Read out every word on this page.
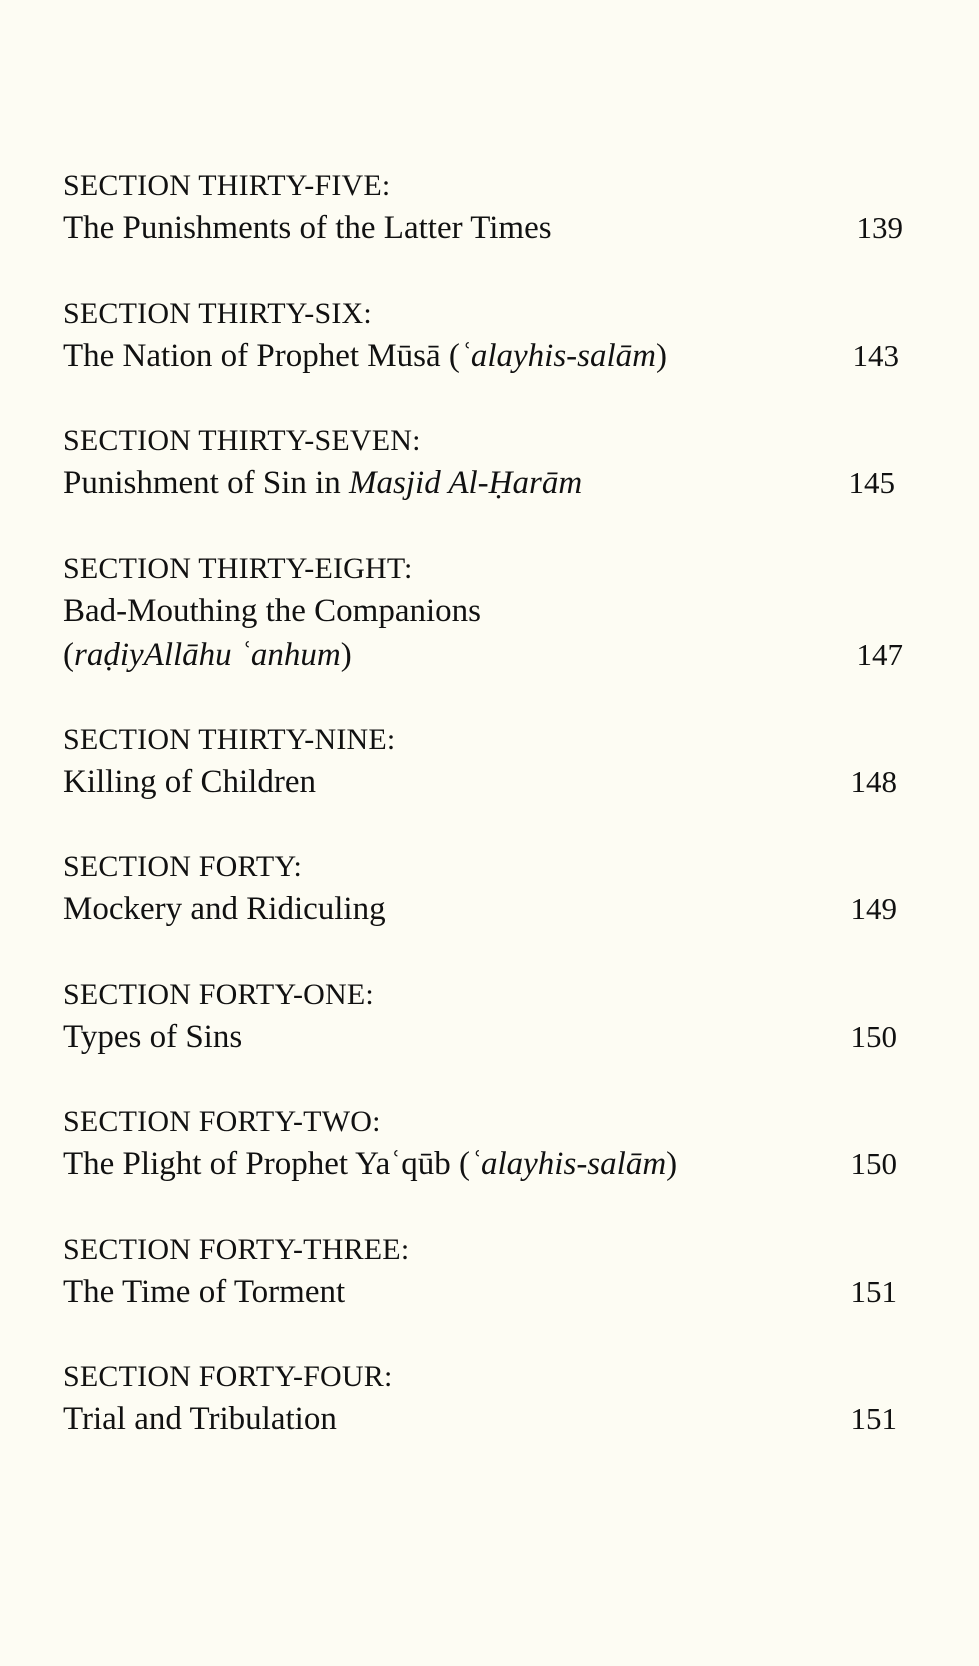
SECTION THIRTY-FIVE:
The Punishments of the Latter Times	139
SECTION THIRTY-SIX:
The Nation of Prophet Mūsā (ʿalayhis-salām)	143
SECTION THIRTY-SEVEN:
Punishment of Sin in Masjid Al-Ḥarām	145
SECTION THIRTY-EIGHT:
Bad-Mouthing the Companions
(raḍiyAllāhu ʿanhum)	147
SECTION THIRTY-NINE:
Killing of Children	148
SECTION FORTY:
Mockery and Ridiculing	149
SECTION FORTY-ONE:
Types of Sins	150
SECTION FORTY-TWO:
The Plight of Prophet Yaʿqūb (ʿalayhis-salām)	150
SECTION FORTY-THREE:
The Time of Torment	151
SECTION FORTY-FOUR:
Trial and Tribulation	151
